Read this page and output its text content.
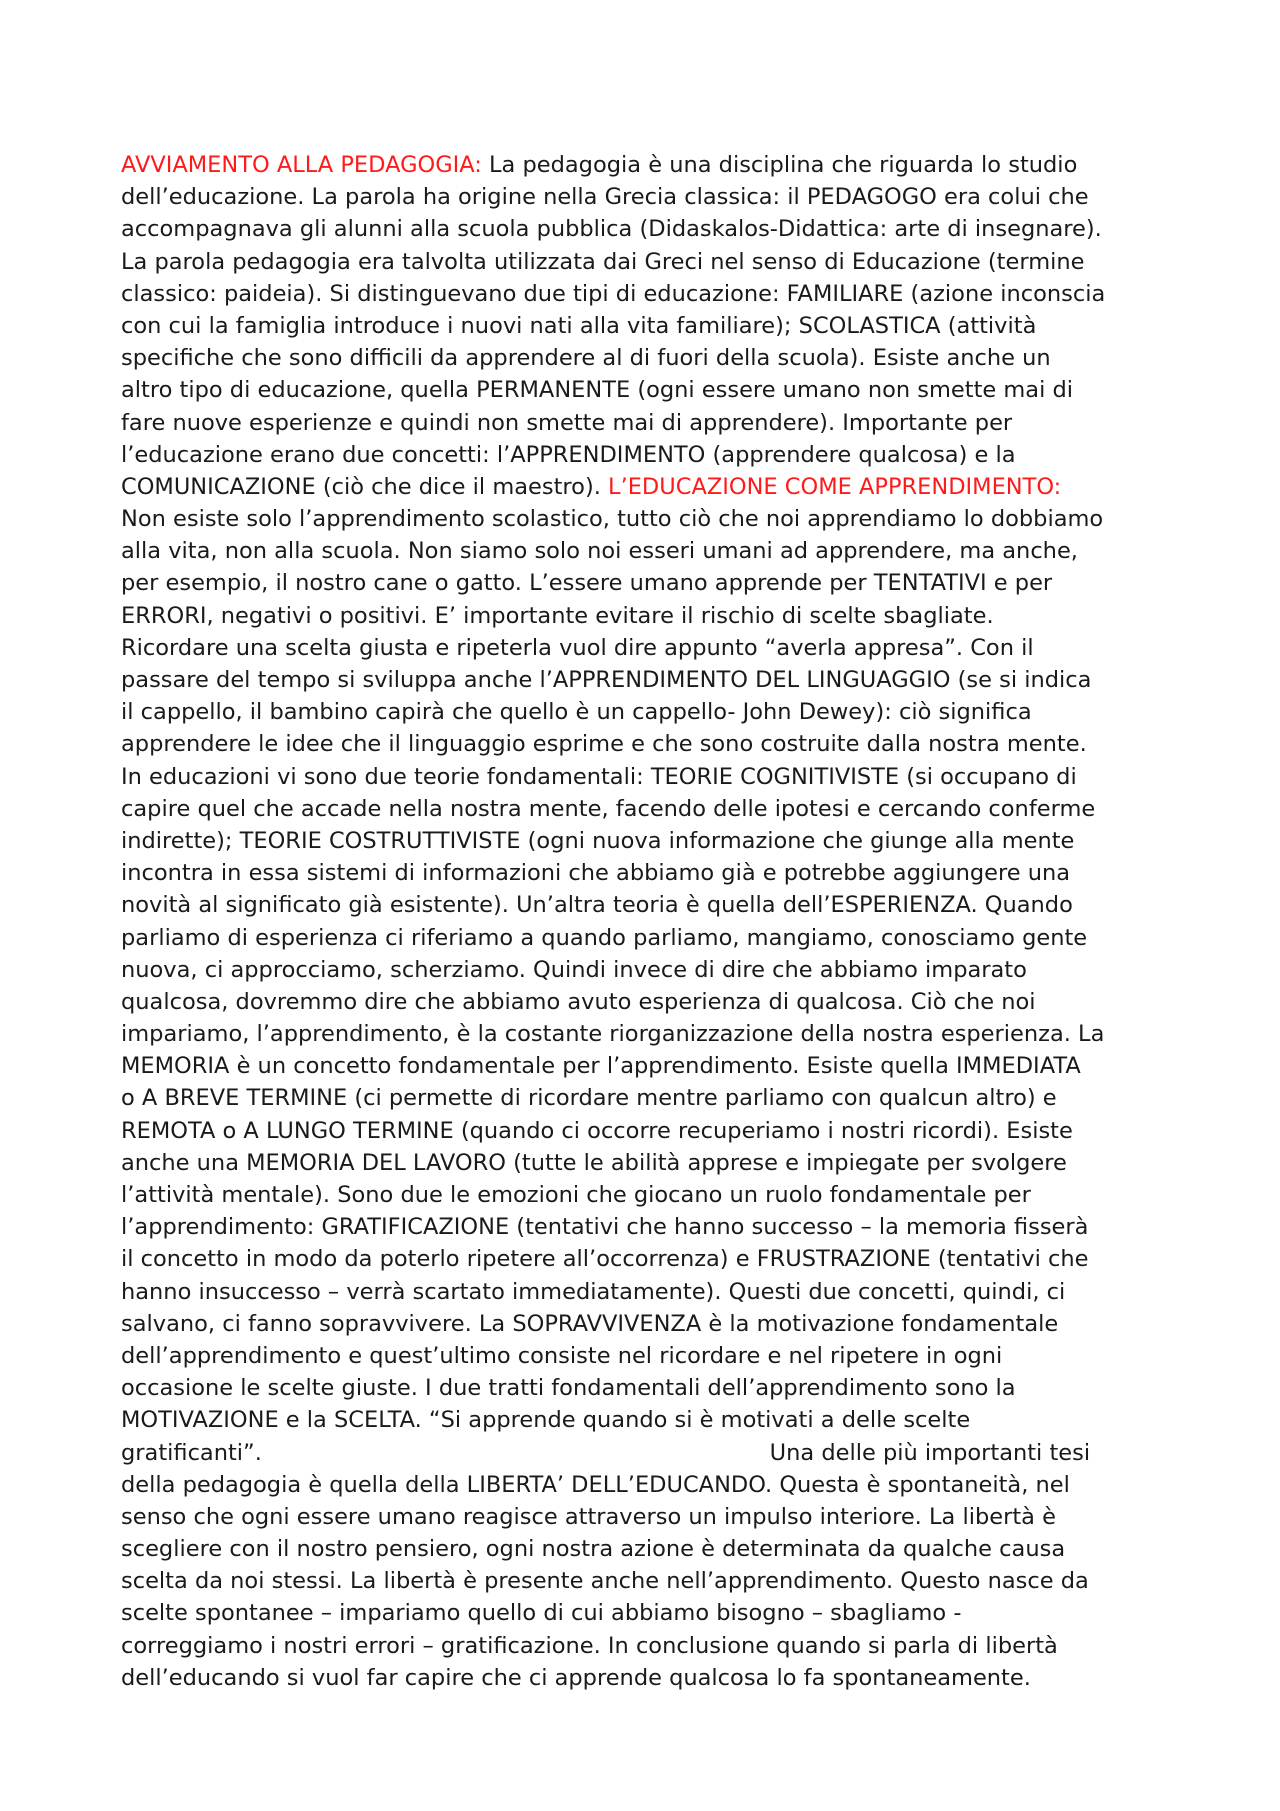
AVVIAMENTO ALLA PEDAGOGIA: La pedagogia è una disciplina che riguarda lo studio
dell’educazione. La parola ha origine nella Grecia classica: il PEDAGOGO era colui che
accompagnava gli alunni alla scuola pubblica (Didaskalos-Didattica: arte di insegnare).
La parola pedagogia era talvolta utilizzata dai Greci nel senso di Educazione (termine
classico: paideia). Si distinguevano due tipi di educazione: FAMILIARE (azione inconscia
con cui la famiglia introduce i nuovi nati alla vita familiare); SCOLASTICA (attività
specifiche che sono difficili da apprendere al di fuori della scuola). Esiste anche un
altro tipo di educazione, quella PERMANENTE (ogni essere umano non smette mai di
fare nuove esperienze e quindi non smette mai di apprendere). Importante per
l’educazione erano due concetti: l’APPRENDIMENTO (apprendere qualcosa) e la
COMUNICAZIONE (ciò che dice il maestro). L’EDUCAZIONE COME APPRENDIMENTO:
Non esiste solo l’apprendimento scolastico, tutto ciò che noi apprendiamo lo dobbiamo
alla vita, non alla scuola. Non siamo solo noi esseri umani ad apprendere, ma anche,
per esempio, il nostro cane o gatto. L’essere umano apprende per TENTATIVI e per
ERRORI, negativi o positivi. E’ importante evitare il rischio di scelte sbagliate.
Ricordare una scelta giusta e ripeterla vuol dire appunto “averla appresa”. Con il
passare del tempo si sviluppa anche l’APPRENDIMENTO DEL LINGUAGGIO (se si indica
il cappello, il bambino capirà che quello è un cappello- John Dewey): ciò significa
apprendere le idee che il linguaggio esprime e che sono costruite dalla nostra mente.
In educazioni vi sono due teorie fondamentali: TEORIE COGNITIVISTE (si occupano di
capire quel che accade nella nostra mente, facendo delle ipotesi e cercando conferme
indirette); TEORIE COSTRUTTIVISTE (ogni nuova informazione che giunge alla mente
incontra in essa sistemi di informazioni che abbiamo già e potrebbe aggiungere una
novità al significato già esistente). Un’altra teoria è quella dell’ESPERIENZA. Quando
parliamo di esperienza ci riferiamo a quando parliamo, mangiamo, conosciamo gente
nuova, ci approcciamo, scherziamo. Quindi invece di dire che abbiamo imparato
qualcosa, dovremmo dire che abbiamo avuto esperienza di qualcosa. Ciò che noi
impariamo, l’apprendimento, è la costante riorganizzazione della nostra esperienza. La
MEMORIA è un concetto fondamentale per l’apprendimento. Esiste quella IMMEDIATA
o A BREVE TERMINE (ci permette di ricordare mentre parliamo con qualcun altro) e
REMOTA o A LUNGO TERMINE (quando ci occorre recuperiamo i nostri ricordi). Esiste
anche una MEMORIA DEL LAVORO (tutte le abilità apprese e impiegate per svolgere
l’attività mentale). Sono due le emozioni che giocano un ruolo fondamentale per
l’apprendimento: GRATIFICAZIONE (tentativi che hanno successo – la memoria fisserà
il concetto in modo da poterlo ripetere all’occorrenza) e FRUSTRAZIONE (tentativi che
hanno insuccesso – verrà scartato immediatamente). Questi due concetti, quindi, ci
salvano, ci fanno sopravvivere. La SOPRAVVIVENZA è la motivazione fondamentale
dell’apprendimento e quest’ultimo consiste nel ricordare e nel ripetere in ogni
occasione le scelte giuste. I due tratti fondamentali dell’apprendimento sono la
MOTIVAZIONE e la SCELTA. “Si apprende quando si è motivati a delle scelte
gratificanti”.                                                                       Una delle più importanti tesi
della pedagogia è quella della LIBERTA’ DELL’EDUCANDO. Questa è spontaneità, nel
senso che ogni essere umano reagisce attraverso un impulso interiore. La libertà è
scegliere con il nostro pensiero, ogni nostra azione è determinata da qualche causa
scelta da noi stessi. La libertà è presente anche nell’apprendimento. Questo nasce da
scelte spontanee – impariamo quello di cui abbiamo bisogno – sbagliamo -
correggiamo i nostri errori – gratificazione. In conclusione quando si parla di libertà
dell’educando si vuol far capire che ci apprende qualcosa lo fa spontaneamente.
